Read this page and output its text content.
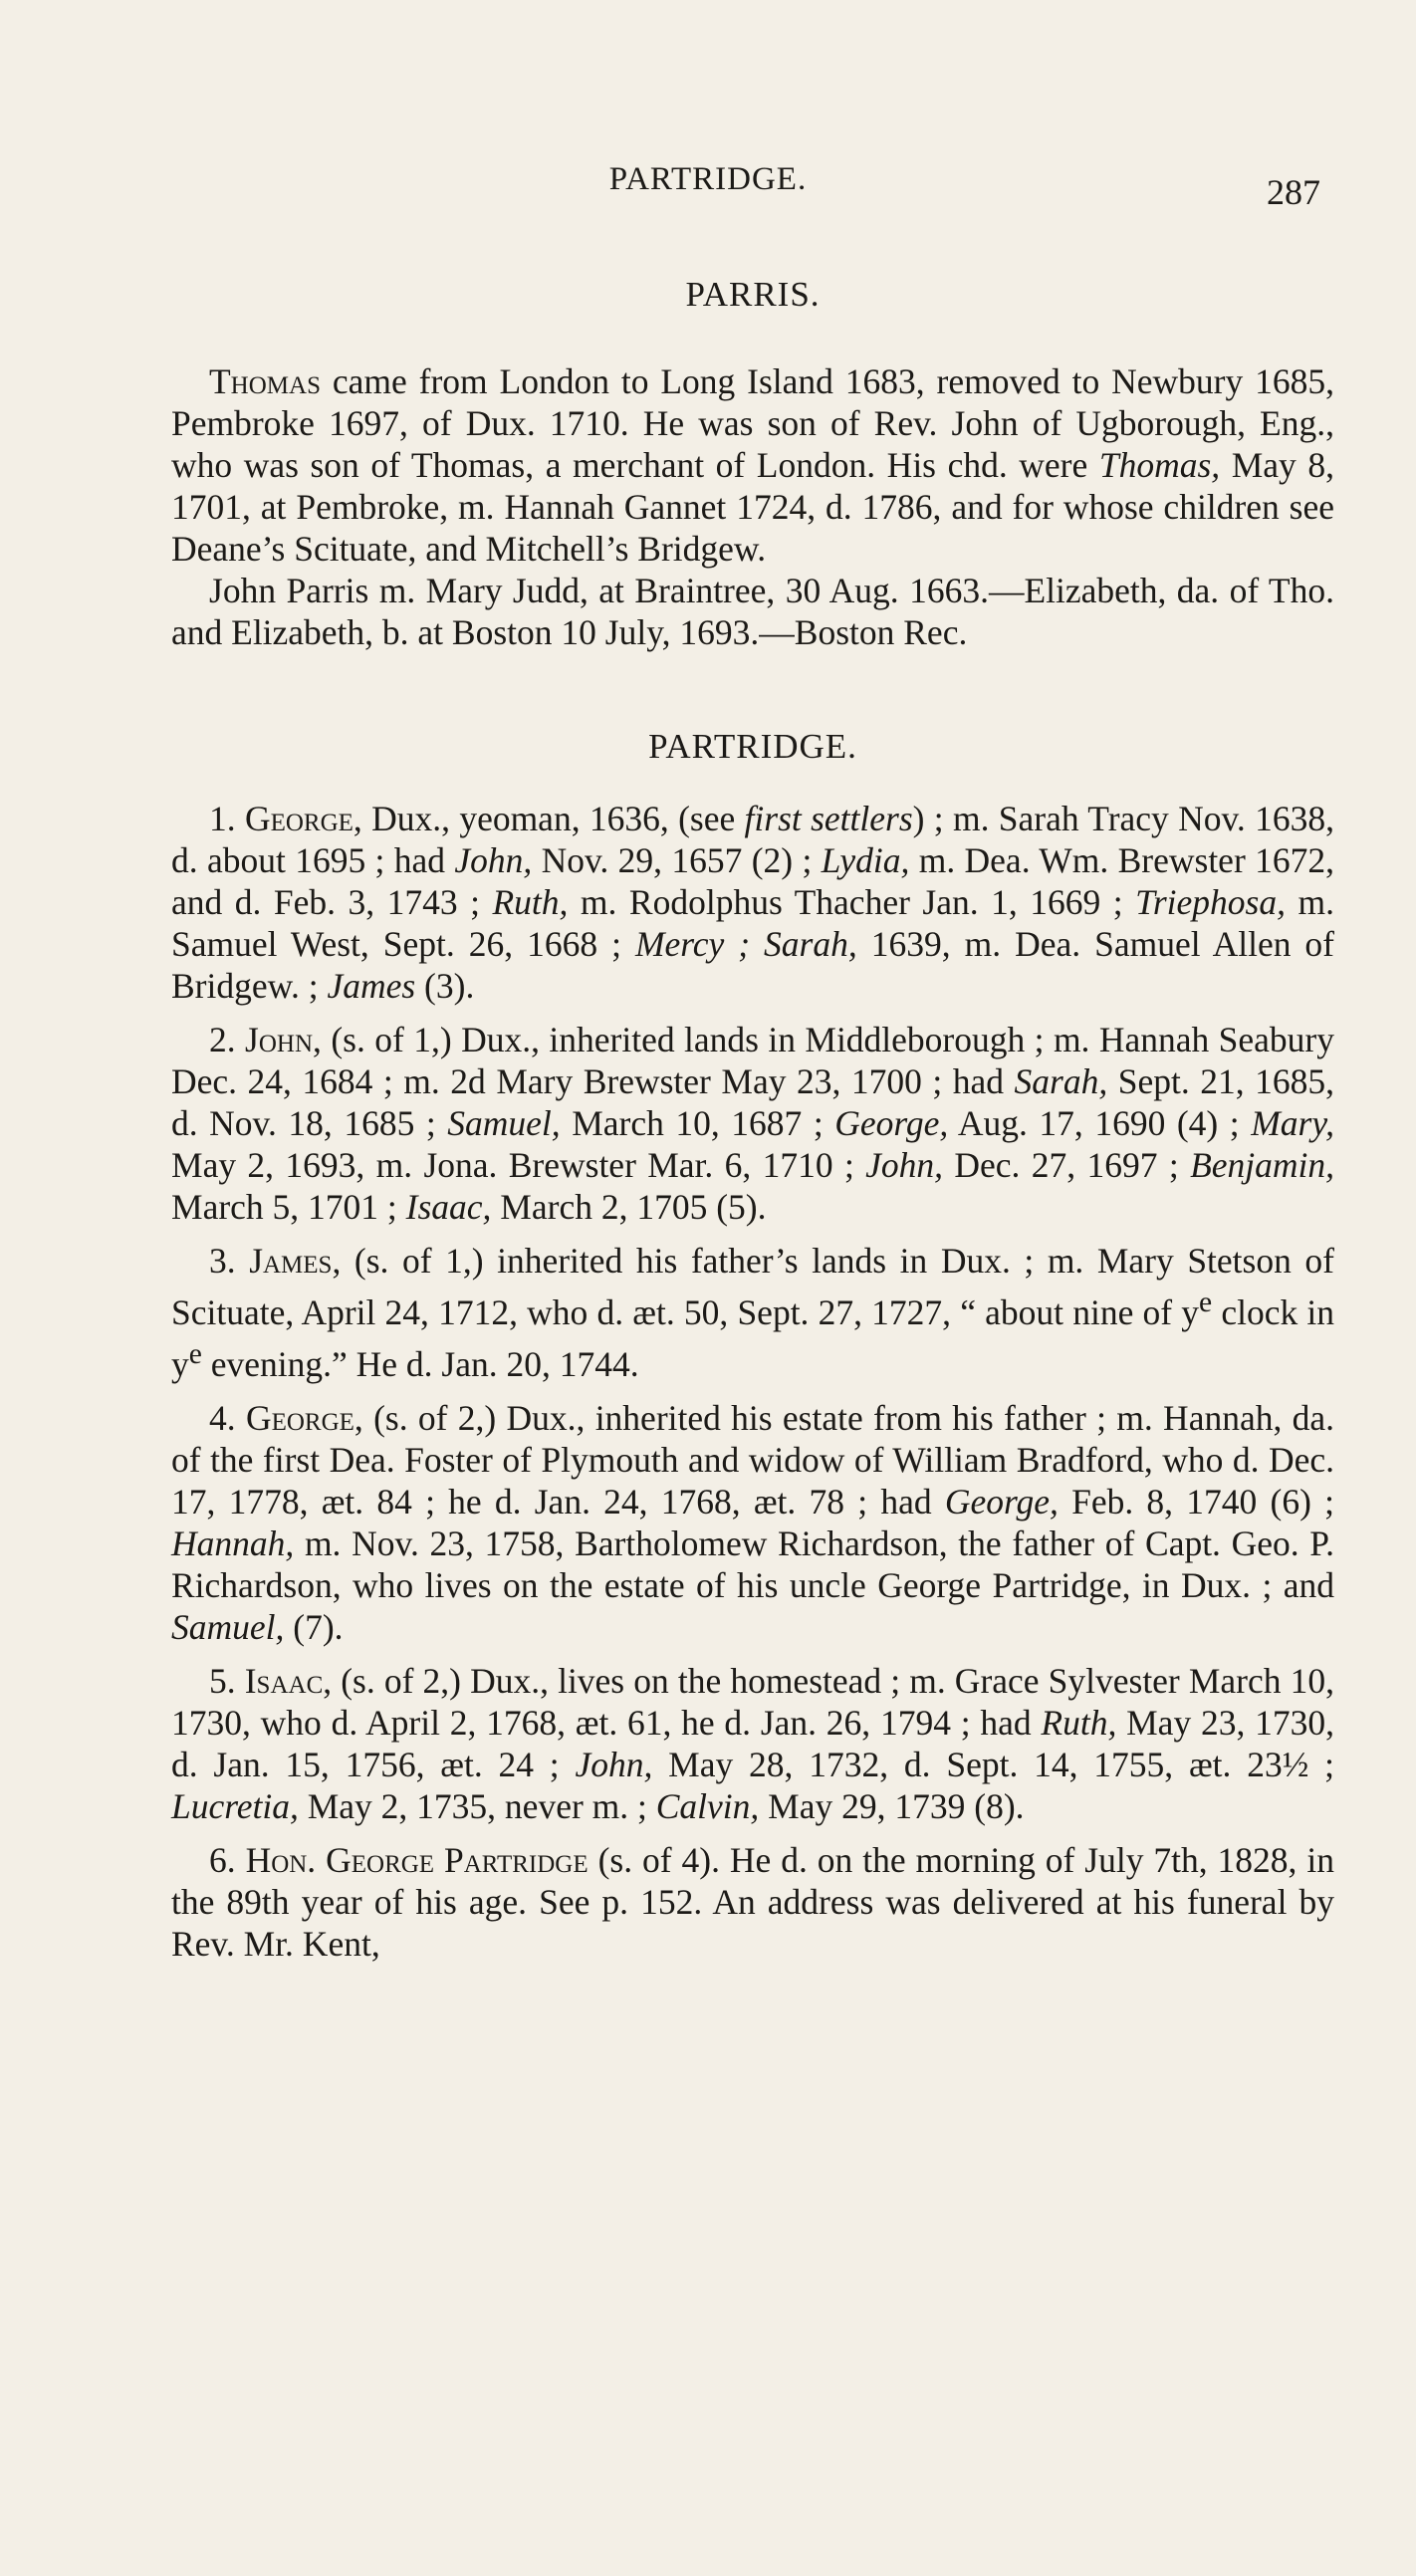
PARTRIDGE.	287
PARRIS.

Thomas came from London to Long Island 1683, removed to Newbury 1685, Pembroke 1697, of Dux. 1710. He was son of Rev. John of Ugborough, Eng., who was son of Thomas, a merchant of London. His chd. were Thomas, May 8, 1701, at Pembroke, m. Hannah Gannet 1724, d. 1786, and for whose children see Deane’s Scituate, and Mitchell’s Bridgew.

John Parris m. Mary Judd, at Braintree, 30 Aug. 1663.—Elizabeth, da. of Tho. and Elizabeth, b. at Boston 10 July, 1693.—Boston Rec.

PARTRIDGE.

1. George, Dux., yeoman, 1636, (see first settlers) ; m. Sarah Tracy Nov. 1638, d. about 1695 ; had John, Nov. 29, 1657 (2) ; Lydia, m. Dea. Wm. Brewster 1672, and d. Feb. 3, 1743 ; Ruth, m. Rodolphus Thacher Jan. 1, 1669 ; Triephosa, m. Samuel West, Sept. 26, 1668 ; Mercy ; Sarah, 1639, m. Dea. Samuel Allen of Bridgew. ; James (3).

2. John, (s. of 1,) Dux., inherited lands in Middleborough ; m. Hannah Seabury Dec. 24, 1684 ; m. 2d Mary Brewster May 23, 1700 ; had Sarah, Sept. 21, 1685, d. Nov. 18, 1685 ; Samuel, March 10, 1687 ; George, Aug. 17, 1690 (4) ; Mary, May 2, 1693, m. Jona. Brewster Mar. 6, 1710 ; John, Dec. 27, 1697 ; Benjamin, March 5, 1701 ; Isaac, March 2, 1705 (5).

3. James, (s. of 1,) inherited his father’s lands in Dux. ; m. Mary Stetson of Scituate, April 24, 1712, who d. æt. 50, Sept. 27, 1727, “ about nine of $y^e$ clock in $y^e$ evening.” He d. Jan. 20, 1744.

4. George, (s. of 2,) Dux., inherited his estate from his father ; m. Hannah, da. of the first Dea. Foster of Plymouth and widow of William Bradford, who d. Dec. 17, 1778, æt. 84 ; he d. Jan. 24, 1768, æt. 78 ; had George, Feb. 8, 1740 (6) ; Hannah, m. Nov. 23, 1758, Bartholomew Richardson, the father of Capt. Geo. P. Richardson, who lives on the estate of his uncle George Partridge, in Dux. ; and Samuel, (7).

5. Isaac, (s. of 2,) Dux., lives on the homestead ; m. Grace Sylvester March 10, 1730, who d. April 2, 1768, æt. 61, he d. Jan. 26, 1794 ; had Ruth, May 23, 1730, d. Jan. 15, 1756, æt. 24 ; John, May 28, 1732, d. Sept. 14, 1755, æt. 23½ ; Lucretia, May 2, 1735, never m. ; Calvin, May 29, 1739 (8).

6. Hon. George Partridge (s. of 4). He d. on the morning of July 7th, 1828, in the 89th year of his age. See p. 152. An address was delivered at his funeral by Rev. Mr. Kent,
